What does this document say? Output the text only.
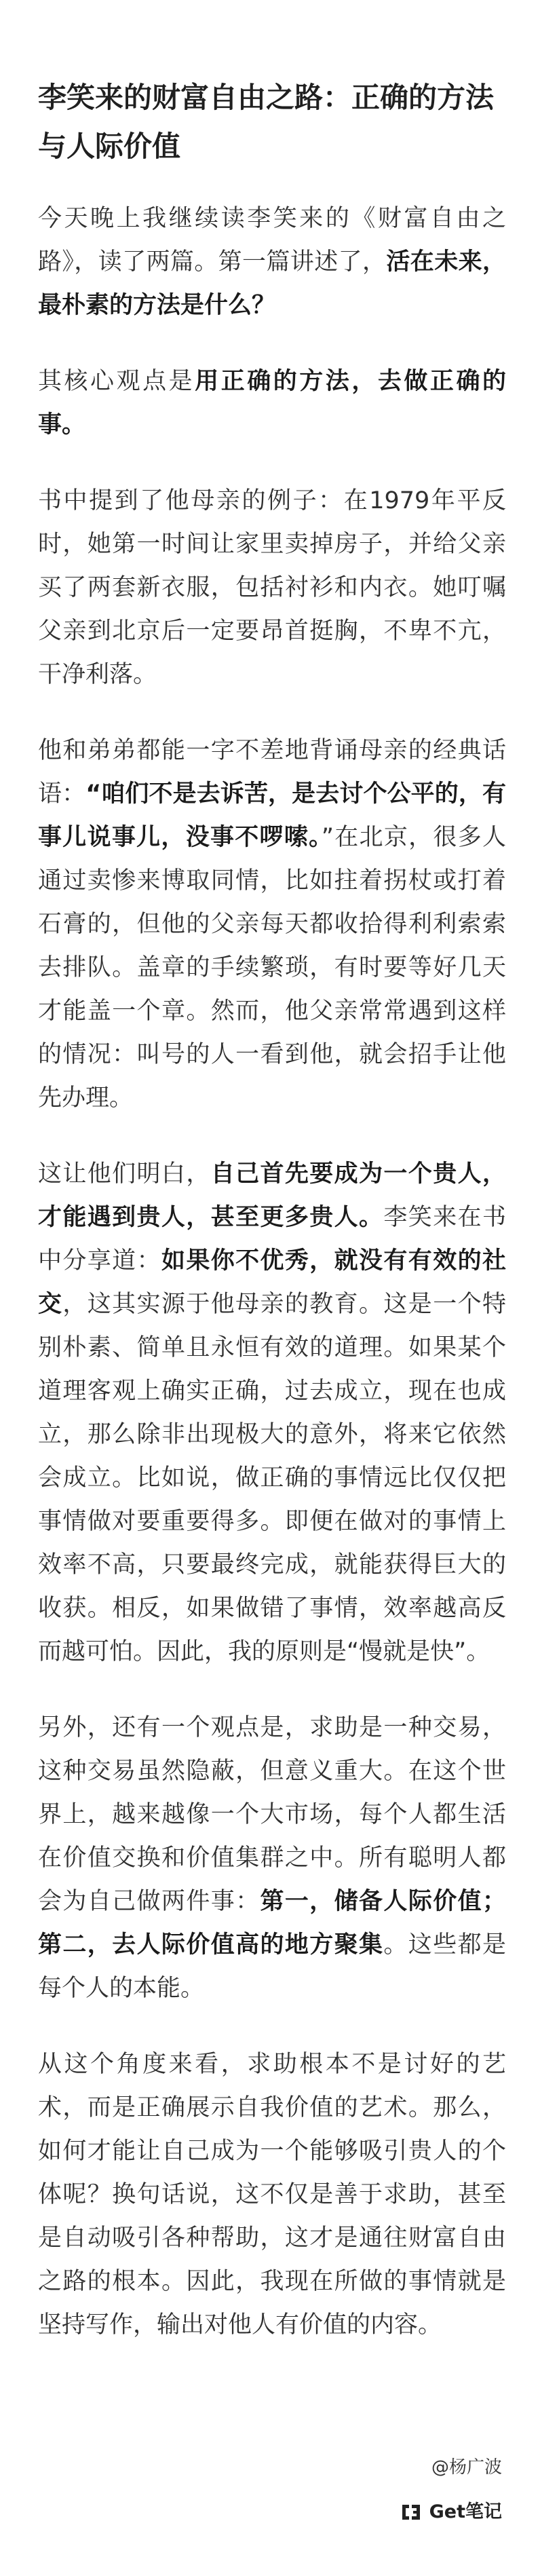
李笑来的财富自由之路：正确的方法与人际价值

今天晚上我继续读李笑来的《财富自由之路》，读了两篇。第一篇讲述了，活在未来，最朴素的方法是什么？

其核心观点是用正确的方法，去做正确的事。

书中提到了他母亲的例子：在1979年平反时，她第一时间让家里卖掉房子，并给父亲买了两套新衣服，包括衬衫和内衣。她叮嘱父亲到北京后一定要昂首挺胸，不卑不亢，干净利落。

他和弟弟都能一字不差地背诵母亲的经典话语：“咱们不是去诉苦，是去讨个公平的，有事儿说事儿，没事不啰嗦。”在北京，很多人通过卖惨来博取同情，比如拄着拐杖或打着石膏的，但他的父亲每天都收拾得利利索索去排队。盖章的手续繁琐，有时要等好几天才能盖一个章。然而，他父亲常常遇到这样的情况：叫号的人一看到他，就会招手让他先办理。

这让他们明白，自己首先要成为一个贵人，才能遇到贵人，甚至更多贵人。李笑来在书中分享道：如果你不优秀，就没有有效的社交，这其实源于他母亲的教育。这是一个特别朴素、简单且永恒有效的道理。如果某个道理客观上确实正确，过去成立，现在也成立，那么除非出现极大的意外，将来它依然会成立。比如说，做正确的事情远比仅仅把事情做对要重要得多。即便在做对的事情上效率不高，只要最终完成，就能获得巨大的收获。相反，如果做错了事情，效率越高反而越可怕。因此，我的原则是“慢就是快”。

另外，还有一个观点是，求助是一种交易，这种交易虽然隐蔽，但意义重大。在这个世界上，越来越像一个大市场，每个人都生活在价值交换和价值集群之中。所有聪明人都会为自己做两件事：第一，储备人际价值；第二，去人际价值高的地方聚集。这些都是每个人的本能。

从这个角度来看，求助根本不是讨好的艺术，而是正确展示自我价值的艺术。那么，如何才能让自己成为一个能够吸引贵人的个体呢？换句话说，这不仅是善于求助，甚至是自动吸引各种帮助，这才是通往财富自由之路的根本。因此，我现在所做的事情就是坚持写作，输出对他人有价值的内容。

@杨广波
Get笔记
